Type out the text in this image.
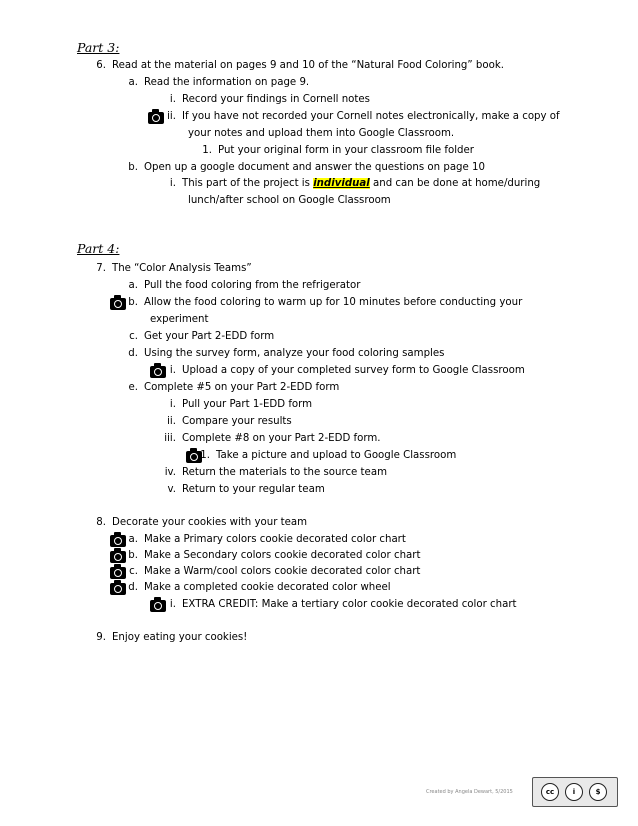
Part 3:
6. Read at the material on pages 9 and 10 of the “Natural Food Coloring” book.
a. Read the information on page 9.
i. Record your findings in Cornell notes
ii. If you have not recorded your Cornell notes electronically, make a copy of
your notes and upload them into Google Classroom.
1. Put your original form in your classroom file folder
b. Open up a google document and answer the questions on page 10
i. This part of the project is individual and can be done at home/during
lunch/after school on Google Classroom
Part 4:
7. The “Color Analysis Teams”
a. Pull the food coloring from the refrigerator
b. Allow the food coloring to warm up for 10 minutes before conducting your
experiment
c. Get your Part 2-EDD form
d. Using the survey form, analyze your food coloring samples
i. Upload a copy of your completed survey form to Google Classroom
e. Complete #5 on your Part 2-EDD form
i. Pull your Part 1-EDD form
ii. Compare your results
iii. Complete #8 on your Part 2-EDD form.
1. Take a picture and upload to Google Classroom
iv. Return the materials to the source team
v. Return to your regular team
8. Decorate your cookies with your team
a. Make a Primary colors cookie decorated color chart
b. Make a Secondary colors cookie decorated color chart
c. Make a Warm/cool colors cookie decorated color chart
d. Make a completed cookie decorated color wheel
i. EXTRA CREDIT: Make a tertiary color cookie decorated color chart
9. Enjoy eating your cookies!
Created by Angela Dewart, 5/2015	cc	i	$
